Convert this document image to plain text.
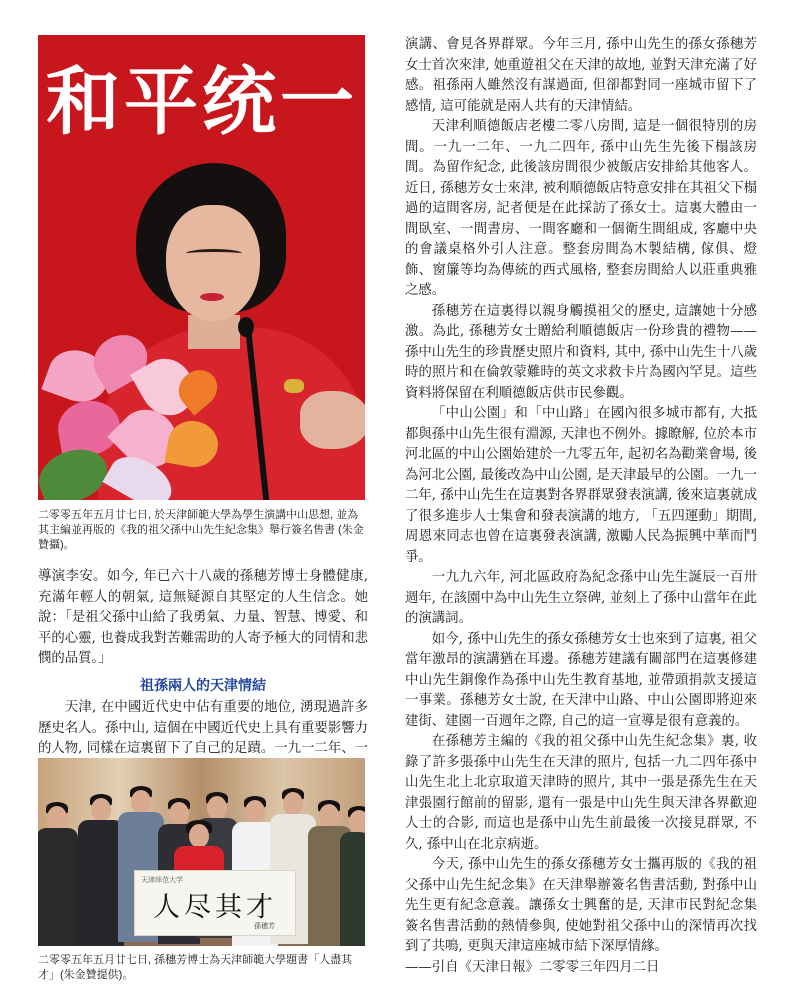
和平统一
二零零五年五月廿七日, 於天津師範大學為學生演講中山思想, 並為其主編並再版的《我的祖父孫中山先生紀念集》舉行簽名售書 (朱金贊攝)。

導演李安。如今, 年已六十八歲的孫穗芳博士身體健康, 充滿年輕人的朝氣, 這無疑源自其堅定的人生信念。她說：「是祖父孫中山給了我勇氣、力量、智慧、博愛、和平的心靈, 也養成我對苦難需助的人寄予極大的同情和悲憫的品質。」

祖孫兩人的天津情結

天津, 在中國近代史中佔有重要的地位, 湧現過許多歷史名人。孫中山, 這個在中國近代史上具有重要影響力的人物, 同樣在這裏留下了自己的足蹟。一九一二年、一

天津师范大学
人尽其才
孫穗芳
二零零五年五月廿七日, 孫穗芳博士為天津師範大學題書「人盡其才」(朱金贊提供)。

演講、會見各界群眾。今年三月, 孫中山先生的孫女孫穗芳女士首次來津, 她重遊祖父在天津的故地, 並對天津充滿了好感。祖孫兩人雖然沒有謀過面, 但卻都對同一座城市留下了感情, 這可能就是兩人共有的天津情結。

天津利順德飯店老樓二零八房間, 這是一個很特別的房間。一九一二年、一九二四年, 孫中山先生先後下榻該房間。為留作紀念, 此後該房間很少被飯店安排給其他客人。近日, 孫穗芳女士來津, 被利順德飯店特意安排在其祖父下榻過的這間客房, 記者便是在此採訪了孫女士。這裏大體由一間臥室、一間書房、一間客廳和一個衛生間組成, 客廳中央的會議桌格外引人注意。整套房間為木製結構, 傢俱、燈飾、窗簾等均為傳統的西式風格, 整套房間給人以莊重典雅之感。

孫穗芳在這裏得以親身觸摸祖父的歷史, 這讓她十分感激。為此, 孫穗芳女士贈給利順德飯店一份珍貴的禮物——孫中山先生的珍貴歷史照片和資料, 其中, 孫中山先生十八歲時的照片和在倫敦蒙難時的英文求救卡片為國內罕見。這些資料將保留在利順德飯店供市民參觀。

「中山公園」和「中山路」在國內很多城市都有, 大抵都與孫中山先生很有淵源, 天津也不例外。據瞭解, 位於本市河北區的中山公園始建於一九零五年, 起初名為勸業會場, 後為河北公園, 最後改為中山公園, 是天津最早的公園。一九一二年, 孫中山先生在這裏對各界群眾發表演講, 後來這裏就成了很多進步人士集會和發表演講的地方, 「五四運動」期間, 周恩來同志也曾在這裏發表演講, 激勵人民為振興中華而鬥爭。

一九九六年, 河北區政府為紀念孫中山先生誕辰一百卅週年, 在該園中為中山先生立祭碑, 並刻上了孫中山當年在此的演講詞。

如今, 孫中山先生的孫女孫穗芳女士也來到了這裏, 祖父當年激昂的演講猶在耳邊。孫穗芳建議有關部門在這裏修建中山先生銅像作為孫中山先生教育基地, 並帶頭捐款支援這一事業。孫穗芳女士說, 在天津中山路、中山公園即將迎來建街、建園一百週年之際, 自己的這一宣導是很有意義的。

在孫穗芳主編的《我的祖父孫中山先生紀念集》裏, 收錄了許多張孫中山先生在天津的照片, 包括一九二四年孫中山先生北上北京取道天津時的照片, 其中一張是孫先生在天津張園行館前的留影, 還有一張是中山先生與天津各界歡迎人士的合影, 而這也是孫中山先生前最後一次接見群眾, 不久, 孫中山在北京病逝。

今天, 孫中山先生的孫女孫穗芳女士攜再版的《我的祖父孫中山先生紀念集》在天津舉辦簽名售書活動, 對孫中山先生更有紀念意義。讓孫女士興奮的是, 天津市民對紀念集簽名售書活動的熱情參與, 使她對祖父孫中山的深情再次找到了共鳴, 更與天津這座城市結下深厚情緣。

——引自《天津日報》二零零三年四月二日
